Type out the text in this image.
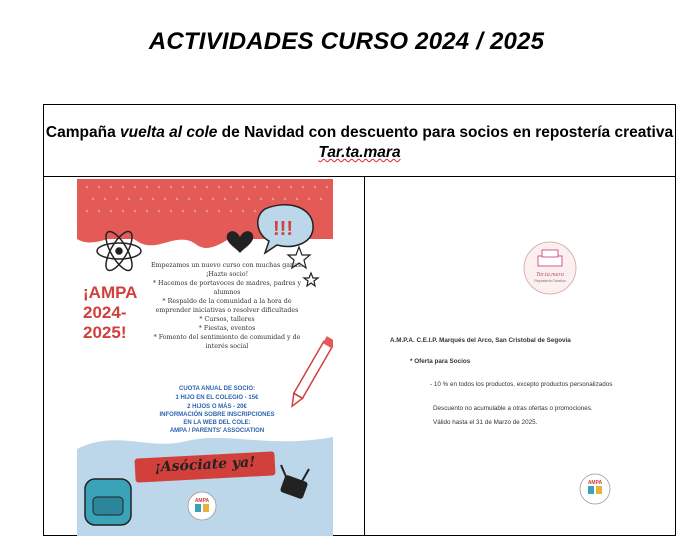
ACTIVIDADES CURSO 2024 / 2025
Campaña vuelta al cole de Navidad con descuento para socios en repostería creativa Tar.ta.mara
!!!
¡AMPA 2024-2025!
Empezamos un nuevo curso con muchas ganas.
¡Hazte socio!
* Hacemos de portavoces de madres, padres y alumnos
* Respaldo de la comunidad a la hora de emprender iniciativas o resolver dificultades
* Cursos, talleres
* Fiestas, eventos
* Fomento del sentimiento de comunidad y de interés social
CUOTA ANUAL DE SOCIO:
1 HIJO EN EL COLEGIO - 15€
2 HIJOS O MÁS - 20€
INFORMACIÓN SOBRE INSCRIPCIONES
EN LA WEB DEL COLE:
AMPA / PARENTS' ASSOCIATION
¡Asóciate ya!
AMPA
Tar.ta.mara
Repostería Creativa
A.M.P.A. C.E.I.P. Marqués del Arco, San Cristobal de Segovia
* Oferta para Socios
- 10 % en todos los productos, excepto productos personalizados
Descuento no acumulable a otras ofertas o promociones.
Válido hasta el 31 de Marzo de 2025.
AMPA
